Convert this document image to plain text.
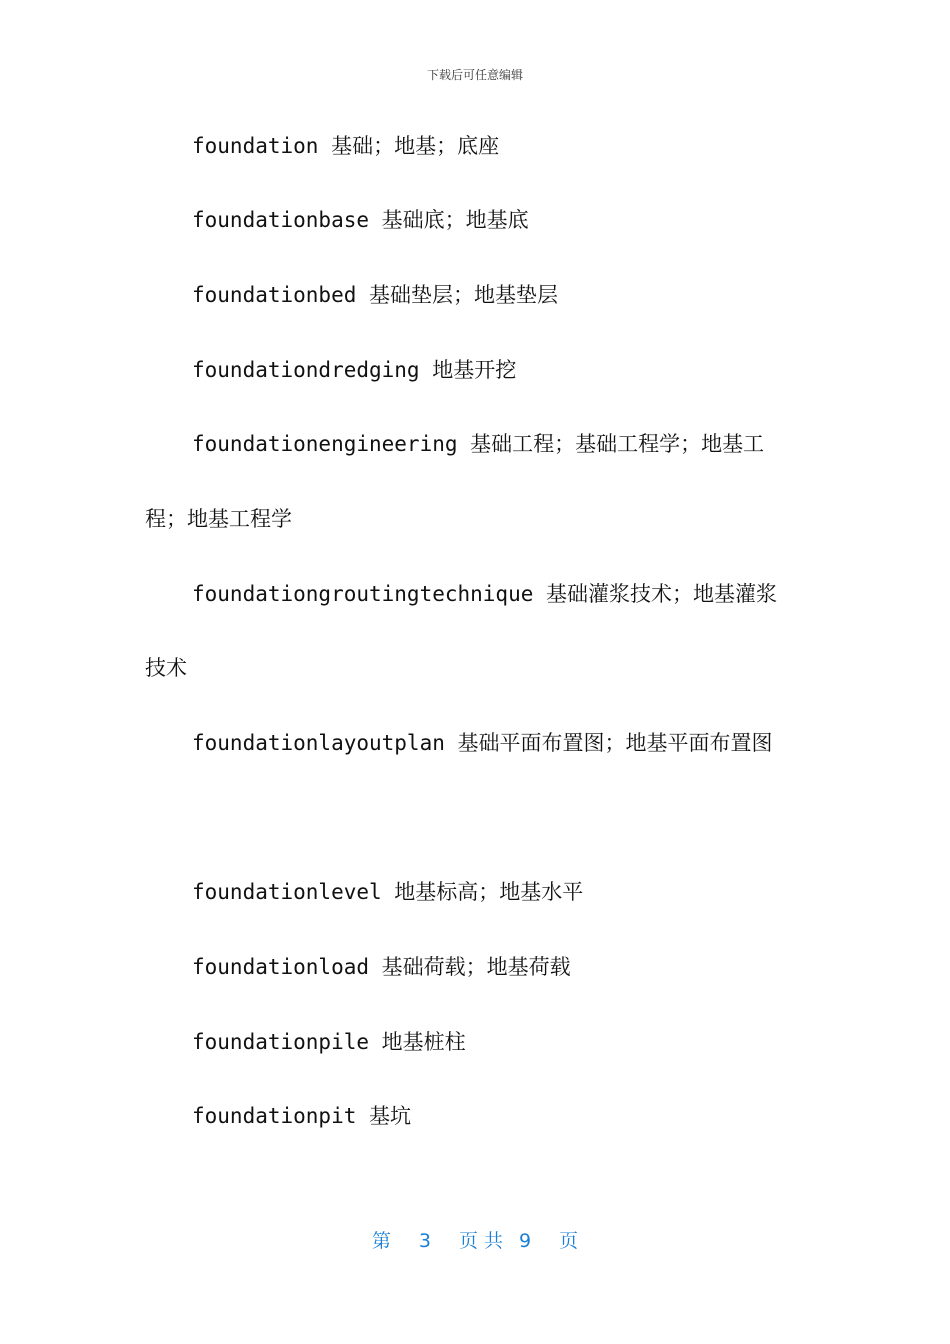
下载后可任意编辑
foundation 基础；地基；底座
foundationbase 基础底；地基底
foundationbed 基础垫层；地基垫层
foundationdredging 地基开挖
foundationengineering 基础工程；基础工程学；地基工
程；地基工程学
foundationgroutingtechnique 基础灌浆技术；地基灌浆
技术
foundationlayoutplan 基础平面布置图；地基平面布置图
foundationlevel 地基标高；地基水平
foundationload 基础荷载；地基荷载
foundationpile 地基桩柱
foundationpit 基坑
第 3 页 共 9 页
